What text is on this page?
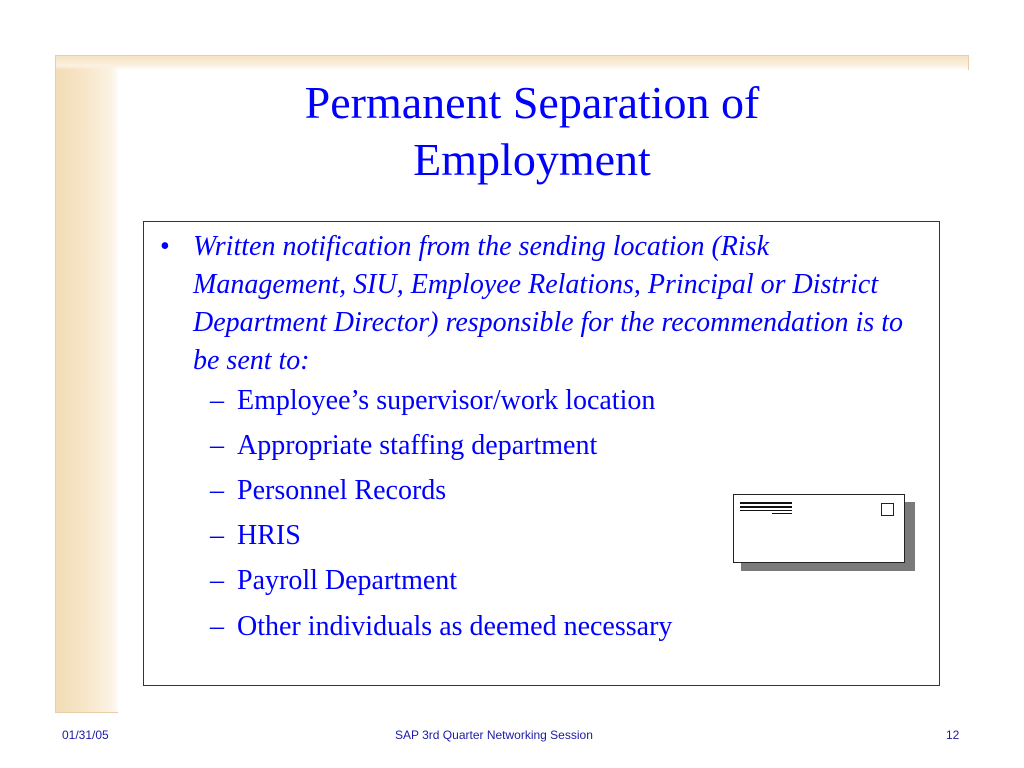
Permanent Separation of
Employment
• Written notification from the sending location (Risk Management, SIU, Employee Relations, Principal or District Department Director) responsible for the recommendation is to be sent to:
– Employee’s supervisor/work location
– Appropriate staffing department
– Personnel Records
– HRIS
– Payroll Department
– Other individuals as deemed necessary
01/31/05	SAP 3rd Quarter Networking Session	12
